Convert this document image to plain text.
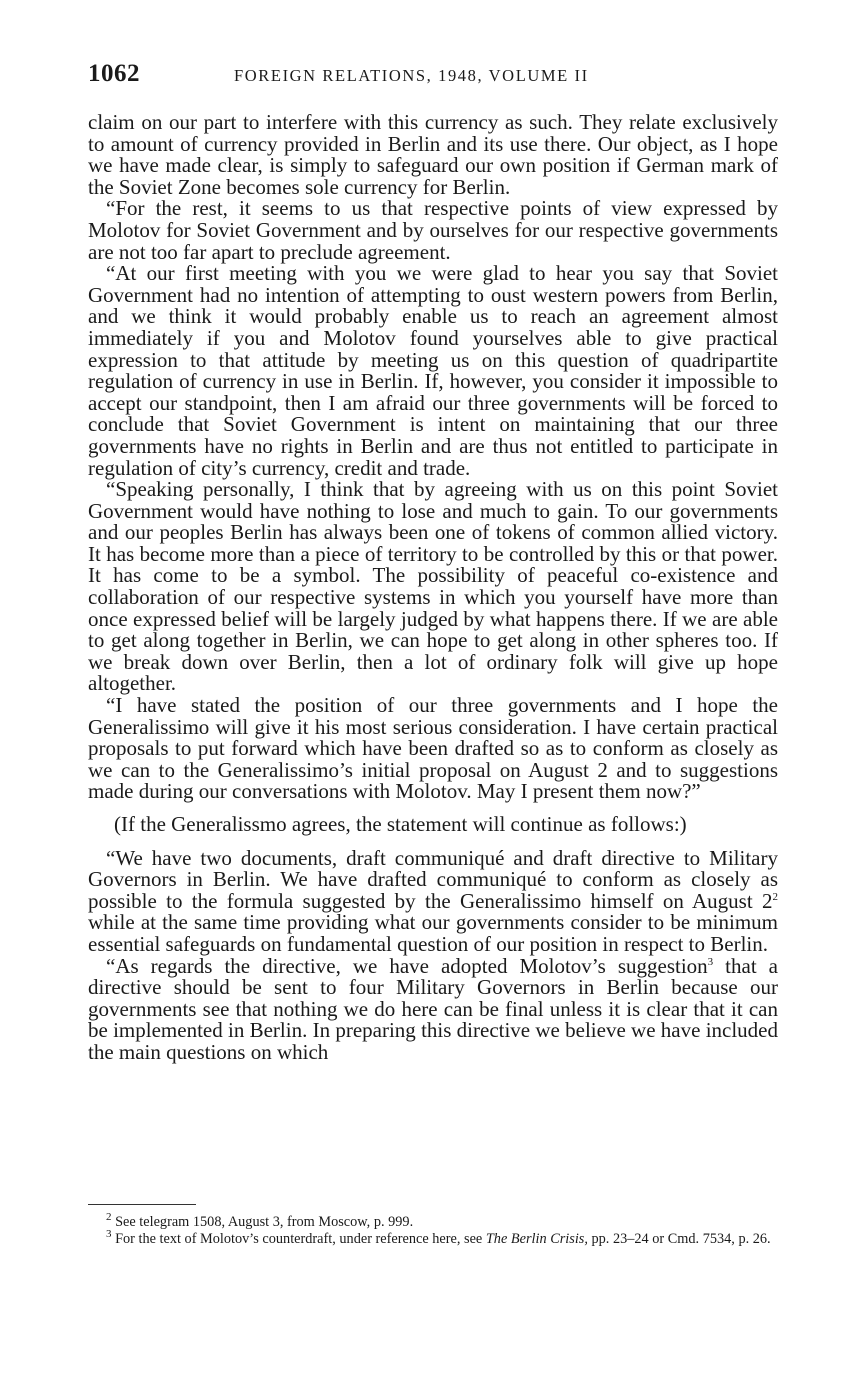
1062	FOREIGN RELATIONS, 1948, VOLUME II

claim on our part to interfere with this currency as such. They relate exclusively to amount of currency provided in Berlin and its use there. Our object, as I hope we have made clear, is simply to safeguard our own position if German mark of the Soviet Zone becomes sole currency for Berlin.

“For the rest, it seems to us that respective points of view expressed by Molotov for Soviet Government and by ourselves for our respective governments are not too far apart to preclude agreement.

“At our first meeting with you we were glad to hear you say that Soviet Government had no intention of attempting to oust western powers from Berlin, and we think it would probably enable us to reach an agreement almost immediately if you and Molotov found yourselves able to give practical expression to that attitude by meeting us on this question of quadripartite regulation of currency in use in Berlin. If, however, you consider it impossible to accept our standpoint, then I am afraid our three governments will be forced to conclude that Soviet Government is intent on maintaining that our three governments have no rights in Berlin and are thus not entitled to participate in regulation of city’s currency, credit and trade.

“Speaking personally, I think that by agreeing with us on this point Soviet Government would have nothing to lose and much to gain. To our governments and our peoples Berlin has always been one of tokens of common allied victory. It has become more than a piece of territory to be controlled by this or that power. It has come to be a symbol. The possibility of peaceful co-existence and collaboration of our respective systems in which you yourself have more than once expressed belief will be largely judged by what happens there. If we are able to get along together in Berlin, we can hope to get along in other spheres too. If we break down over Berlin, then a lot of ordinary folk will give up hope altogether.

“I have stated the position of our three governments and I hope the Generalissimo will give it his most serious consideration. I have certain practical proposals to put forward which have been drafted so as to conform as closely as we can to the Generalissimo’s initial proposal on August 2 and to suggestions made during our conversations with Molotov. May I present them now?”

(If the Generalissmo agrees, the statement will continue as follows:)

“We have two documents, draft communiqué and draft directive to Military Governors in Berlin. We have drafted communiqué to conform as closely as possible to the formula suggested by the Generalissimo himself on August $2^2$ while at the same time providing what our governments consider to be minimum essential safeguards on fundamental question of our position in respect to Berlin.

“As regards the directive, we have adopted Molotov’s suggestion$^3$ that a directive should be sent to four Military Governors in Berlin because our governments see that nothing we do here can be final unless it is clear that it can be implemented in Berlin. In preparing this directive we believe we have included the main questions on which

$^2$ See telegram 1508, August 3, from Moscow, p. 999.

$^3$ For the text of Molotov’s counterdraft, under reference here, see The Berlin Crisis, pp. 23–24 or Cmd. 7534, p. 26.
